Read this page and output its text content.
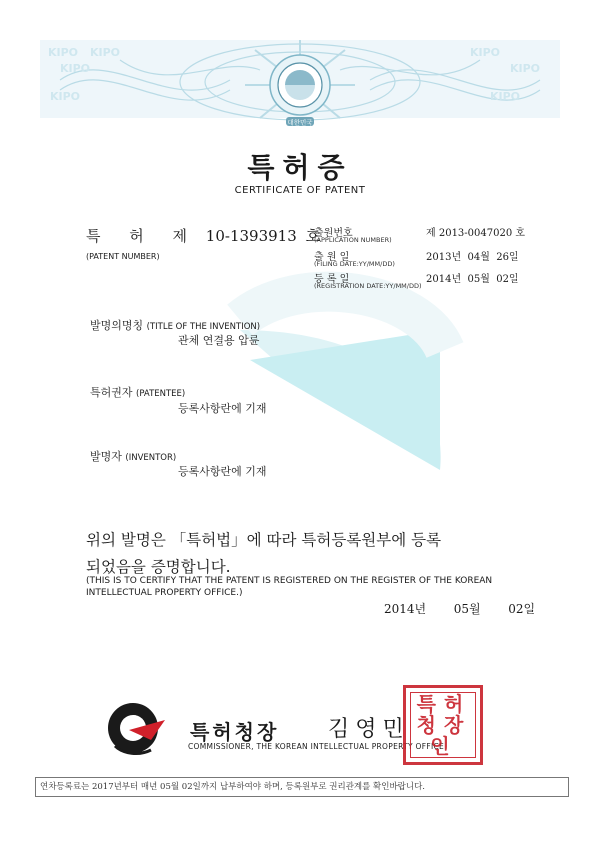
KIPO KIPO
KIPO
KIPO
KIPO
KIPO
KIPO
대한민국
특허증
CERTIFICATE OF PATENT
특 허 제 10-1393913 호
(PATENT NUMBER)
출원번호
(APPLICATION NUMBER)
제 2013-0047020 호
출 원 일
(FILING DATE:YY/MM/DD)
2013년  04월  26일
등 록 일
(REGISTRATION DATE:YY/MM/DD)
2014년  05월  02일
발명의명칭 (TITLE OF THE INVENTION)
관체 연결용 압륜
특허권자 (PATENTEE)
등록사항란에 기재
발명자 (INVENTOR)
등록사항란에 기재
위의 발명은 「특허법」에 따라 특허등록원부에 등록
되었음을 증명합니다.
(THIS IS TO CERTIFY THAT THE PATENT IS REGISTERED ON THE REGISTER OF THE KOREAN INTELLECTUAL PROPERTY OFFICE.)
2014년  05월  02일
특허청장 김영민
COMMISSIONER, THE KOREAN INTELLECTUAL PROPERTY OFFICE
특허청장인
연차등록료는 2017년부터 매년 05월 02일까지 납부하여야 하며, 등록원부로 권리관계를 확인바랍니다.
